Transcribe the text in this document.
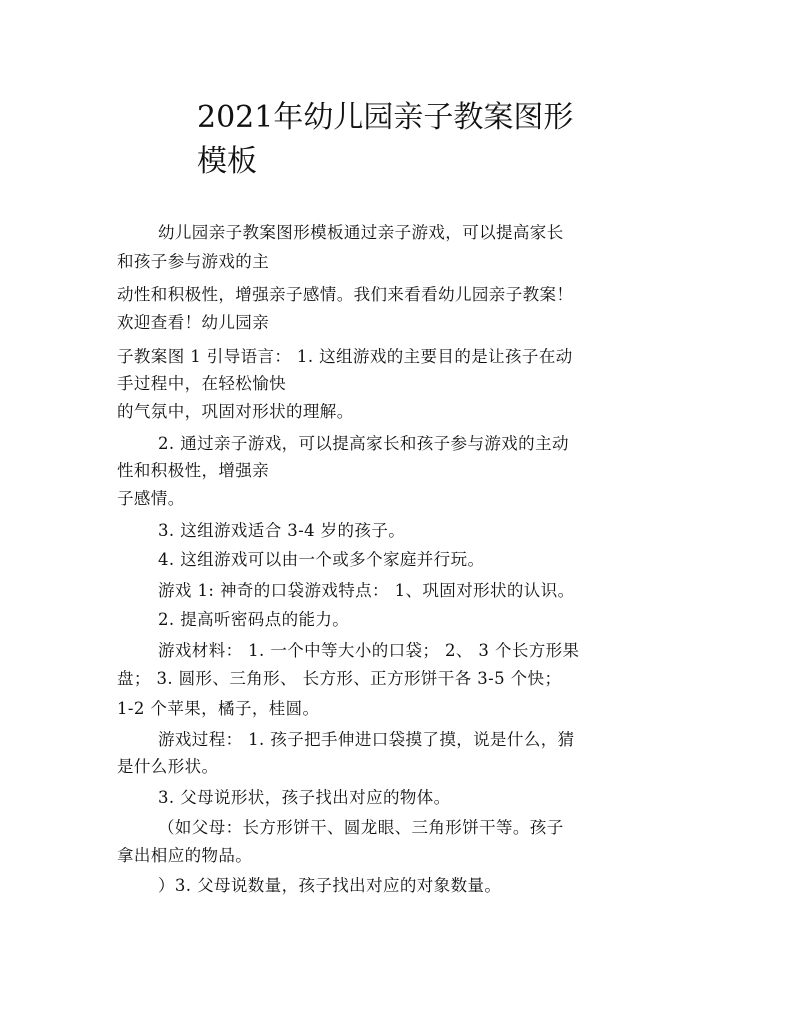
2021年幼儿园亲子教案图形
模板
幼儿园亲子教案图形模板通过亲子游戏，可以提高家长
和孩子参与游戏的主
动性和积极性，增强亲子感情。我们来看看幼儿园亲子教案！
欢迎查看！幼儿园亲
子教案图 1 引导语言： 1. 这组游戏的主要目的是让孩子在动
手过程中，在轻松愉快
的气氛中，巩固对形状的理解。
2. 通过亲子游戏，可以提高家长和孩子参与游戏的主动
性和积极性，增强亲
子感情。
3. 这组游戏适合 3-4 岁的孩子。
4. 这组游戏可以由一个或多个家庭并行玩。
游戏 1: 神奇的口袋游戏特点： 1、巩固对形状的认识。
2. 提高听密码点的能力。
游戏材料： 1. 一个中等大小的口袋； 2、 3 个长方形果
盘； 3. 圆形、三角形、 长方形、正方形饼干各 3-5 个快；
1-2 个苹果，橘子，桂圆。
游戏过程： 1. 孩子把手伸进口袋摸了摸，说是什么，猜
是什么形状。
3. 父母说形状，孩子找出对应的物体。
（如父母：长方形饼干、圆龙眼、三角形饼干等。孩子
拿出相应的物品。
）3. 父母说数量，孩子找出对应的对象数量。
